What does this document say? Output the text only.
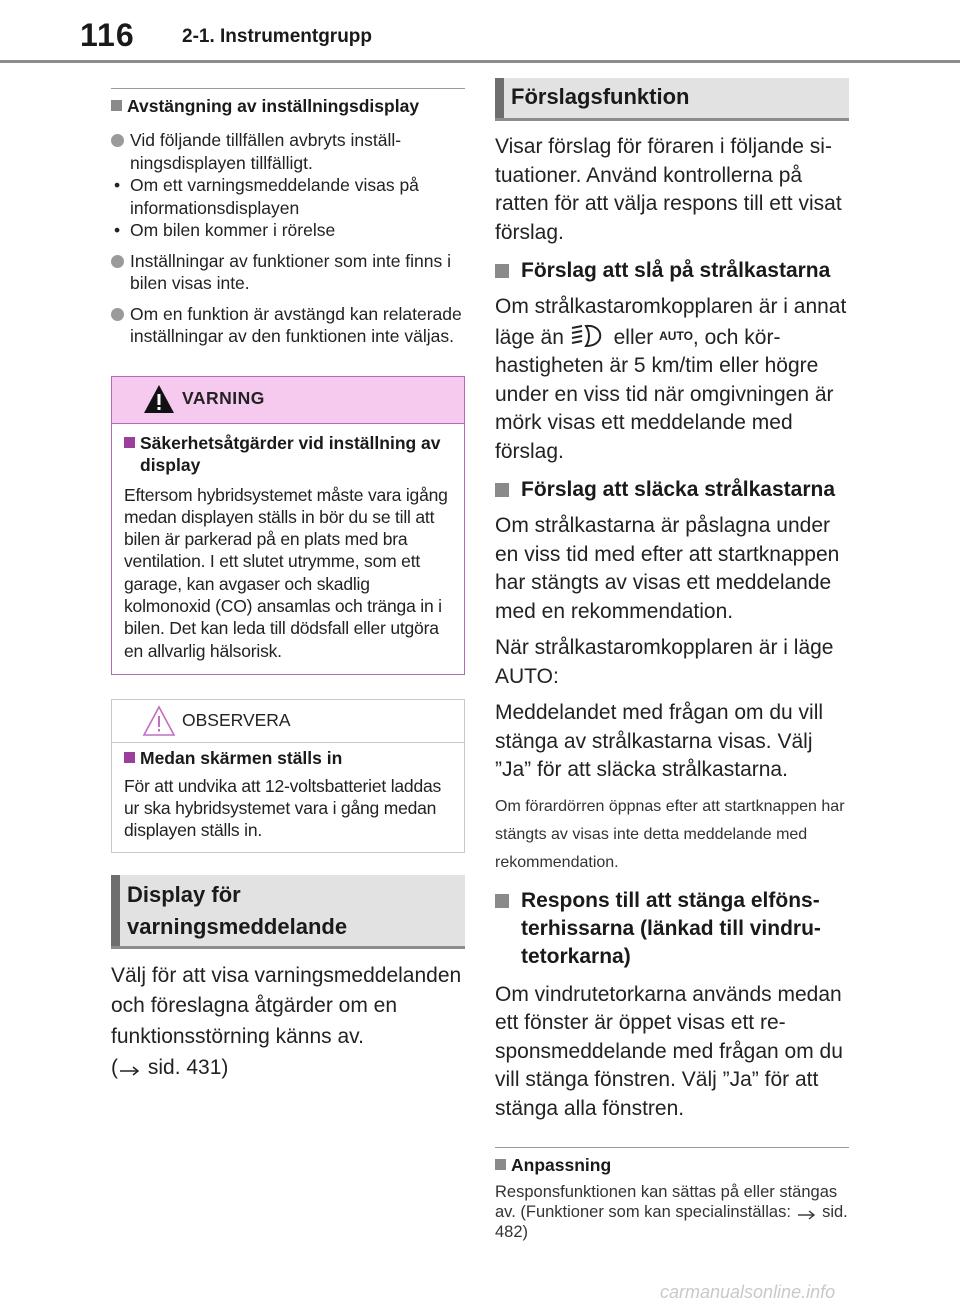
116 2-1. Instrumentgrupp
Avstängning av inställningsdisplay
Vid följande tillfällen avbryts inställningsdisplayen tillfälligt.
• Om ett varningsmeddelande visas på informationsdisplayen
• Om bilen kommer i rörelse
Inställningar av funktioner som inte finns i bilen visas inte.
Om en funktion är avstängd kan relaterade inställningar av den funktionen inte väljas.
VARNING
Säkerhetsåtgärder vid inställning av display
Eftersom hybridsystemet måste vara igång medan displayen ställs in bör du se till att bilen är parkerad på en plats med bra ventilation. I ett slutet utrymme, som ett garage, kan avgaser och skadlig kolmonoxid (CO) ansamlas och tränga in i bilen. Det kan leda till dödsfall eller utgöra en allvarlig hälsorisk.
OBSERVERA
Medan skärmen ställs in
För att undvika att 12-voltsbatteriet laddas ur ska hybridsystemet vara i gång medan displayen ställs in.
Display för
varningsmeddelande
Välj för att visa varningsmeddelanden och föreslagna åtgärder om en funktionsstörning känns av.
( sid. 431)
Förslagsfunktion
Visar förslag för föraren i följande situationer. Använd kontrollerna på ratten för att välja respons till ett visat förslag.
Förslag att slå på strålkastarna
Om strålkastaromkopplaren är i annat läge än eller AUTO, och körhastigheten är 5 km/tim eller högre under en viss tid när omgivningen är mörk visas ett meddelande med förslag.
Förslag att släcka strålkastarna
Om strålkastarna är påslagna under en viss tid med efter att startknappen har stängts av visas ett meddelande med en rekommendation.
När strålkastaromkopplaren är i läge AUTO:
Meddelandet med frågan om du vill stänga av strålkastarna visas. Välj ”Ja” för att släcka strålkastarna.
Om förardörren öppnas efter att startknappen har stängts av visas inte detta meddelande med rekommendation.
Respons till att stänga elfönsterhissarna (länkad till vindrutetorkarna)
Om vindrutetorkarna används medan ett fönster är öppet visas ett responsmeddelande med frågan om du vill stänga fönstren. Välj ”Ja” för att stänga alla fönstren.
Anpassning
Responsfunktionen kan sättas på eller stängas av. (Funktioner som kan specialinställas: sid. 482)
carmanualsonline.info
